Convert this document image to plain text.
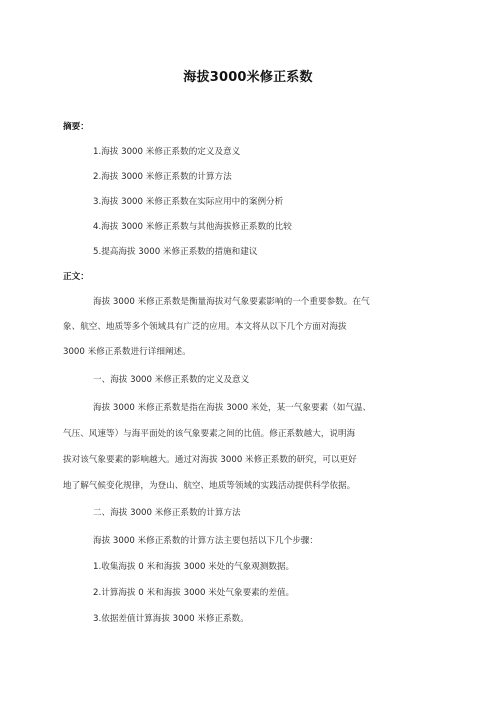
海拔3000米修正系数
摘要：
1.海拔 3000 米修正系数的定义及意义
2.海拔 3000 米修正系数的计算方法
3.海拔 3000 米修正系数在实际应用中的案例分析
4.海拔 3000 米修正系数与其他海拔修正系数的比较
5.提高海拔 3000 米修正系数的措施和建议
正文：
海拔 3000 米修正系数是衡量海拔对气象要素影响的一个重要参数。在气
象、航空、地质等多个领域具有广泛的应用。本文将从以下几个方面对海拔
3000 米修正系数进行详细阐述。
一、海拔 3000 米修正系数的定义及意义
海拔 3000 米修正系数是指在海拔 3000 米处，某一气象要素（如气温、
气压、风速等）与海平面处的该气象要素之间的比值。修正系数越大，说明海
拔对该气象要素的影响越大。通过对海拔 3000 米修正系数的研究，可以更好
地了解气候变化规律，为登山、航空、地质等领域的实践活动提供科学依据。
二、海拔 3000 米修正系数的计算方法
海拔 3000 米修正系数的计算方法主要包括以下几个步骤：
1.收集海拔 0 米和海拔 3000 米处的气象观测数据。
2.计算海拔 0 米和海拔 3000 米处气象要素的差值。
3.依据差值计算海拔 3000 米修正系数。
